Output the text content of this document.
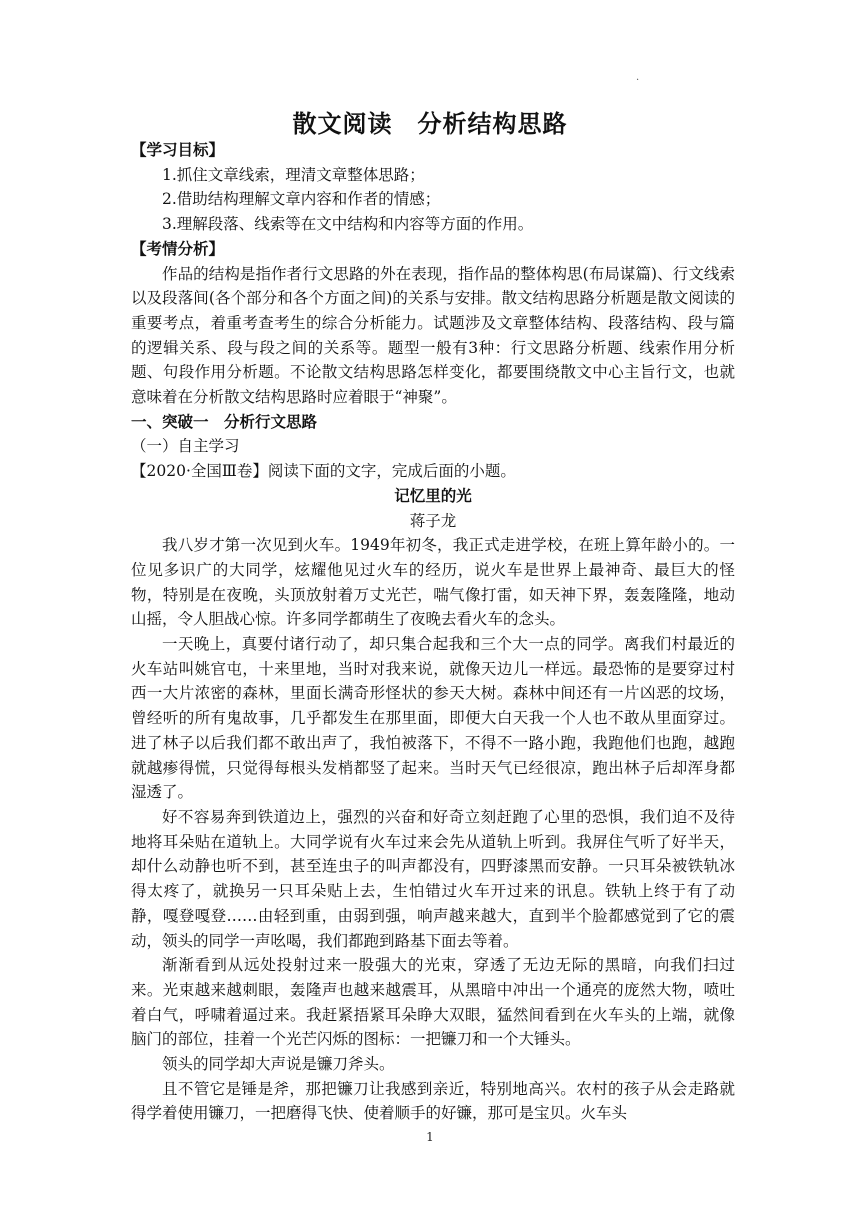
.
散文阅读　分析结构思路

【学习目标】

1.抓住文章线索，理清文章整体思路；

2.借助结构理解文章内容和作者的情感；

3.理解段落、线索等在文中结构和内容等方面的作用。

【考情分析】

作品的结构是指作者行文思路的外在表现，指作品的整体构思(布局谋篇)、行文线索以及段落间(各个部分和各个方面之间)的关系与安排。散文结构思路分析题是散文阅读的重要考点，着重考查考生的综合分析能力。试题涉及文章整体结构、段落结构、段与篇的逻辑关系、段与段之间的关系等。题型一般有3种：行文思路分析题、线索作用分析题、句段作用分析题。不论散文结构思路怎样变化，都要围绕散文中心主旨行文，也就意味着在分析散文结构思路时应着眼于“神聚”。

一、突破一　分析行文思路

（一）自主学习

【2020·全国Ⅲ卷】阅读下面的文字，完成后面的小题。

记忆里的光

蒋子龙

我八岁才第一次见到火车。1949年初冬，我正式走进学校，在班上算年龄小的。一位见多识广的大同学，炫耀他见过火车的经历，说火车是世界上最神奇、最巨大的怪物，特别是在夜晚，头顶放射着万丈光芒，喘气像打雷，如天神下界，轰轰隆隆，地动山摇，令人胆战心惊。许多同学都萌生了夜晚去看火车的念头。

一天晚上，真要付诸行动了，却只集合起我和三个大一点的同学。离我们村最近的火车站叫姚官屯，十来里地，当时对我来说，就像天边儿一样远。最恐怖的是要穿过村西一大片浓密的森林，里面长满奇形怪状的参天大树。森林中间还有一片凶恶的坟场，曾经听的所有鬼故事，几乎都发生在那里面，即便大白天我一个人也不敢从里面穿过。进了林子以后我们都不敢出声了，我怕被落下，不得不一路小跑，我跑他们也跑，越跑就越瘆得慌，只觉得每根头发梢都竖了起来。当时天气已经很凉，跑出林子后却浑身都湿透了。

好不容易奔到铁道边上，强烈的兴奋和好奇立刻赶跑了心里的恐惧，我们迫不及待地将耳朵贴在道轨上。大同学说有火车过来会先从道轨上听到。我屏住气听了好半天，却什么动静也听不到，甚至连虫子的叫声都没有，四野漆黑而安静。一只耳朵被铁轨冰得太疼了，就换另一只耳朵贴上去，生怕错过火车开过来的讯息。铁轨上终于有了动静，嘎登嘎登……由轻到重，由弱到强，响声越来越大，直到半个脸都感觉到了它的震动，领头的同学一声吆喝，我们都跑到路基下面去等着。

渐渐看到从远处投射过来一股强大的光束，穿透了无边无际的黑暗，向我们扫过来。光束越来越刺眼，轰隆声也越来越震耳，从黑暗中冲出一个通亮的庞然大物，喷吐着白气，呼啸着逼过来。我赶紧捂紧耳朵睁大双眼，猛然间看到在火车头的上端，就像脑门的部位，挂着一个光芒闪烁的图标：一把镰刀和一个大锤头。

领头的同学却大声说是镰刀斧头。

且不管它是锤是斧，那把镰刀让我感到亲近，特别地高兴。农村的孩子从会走路就得学着使用镰刀，一把磨得飞快、使着顺手的好镰，那可是宝贝。火车头

1
